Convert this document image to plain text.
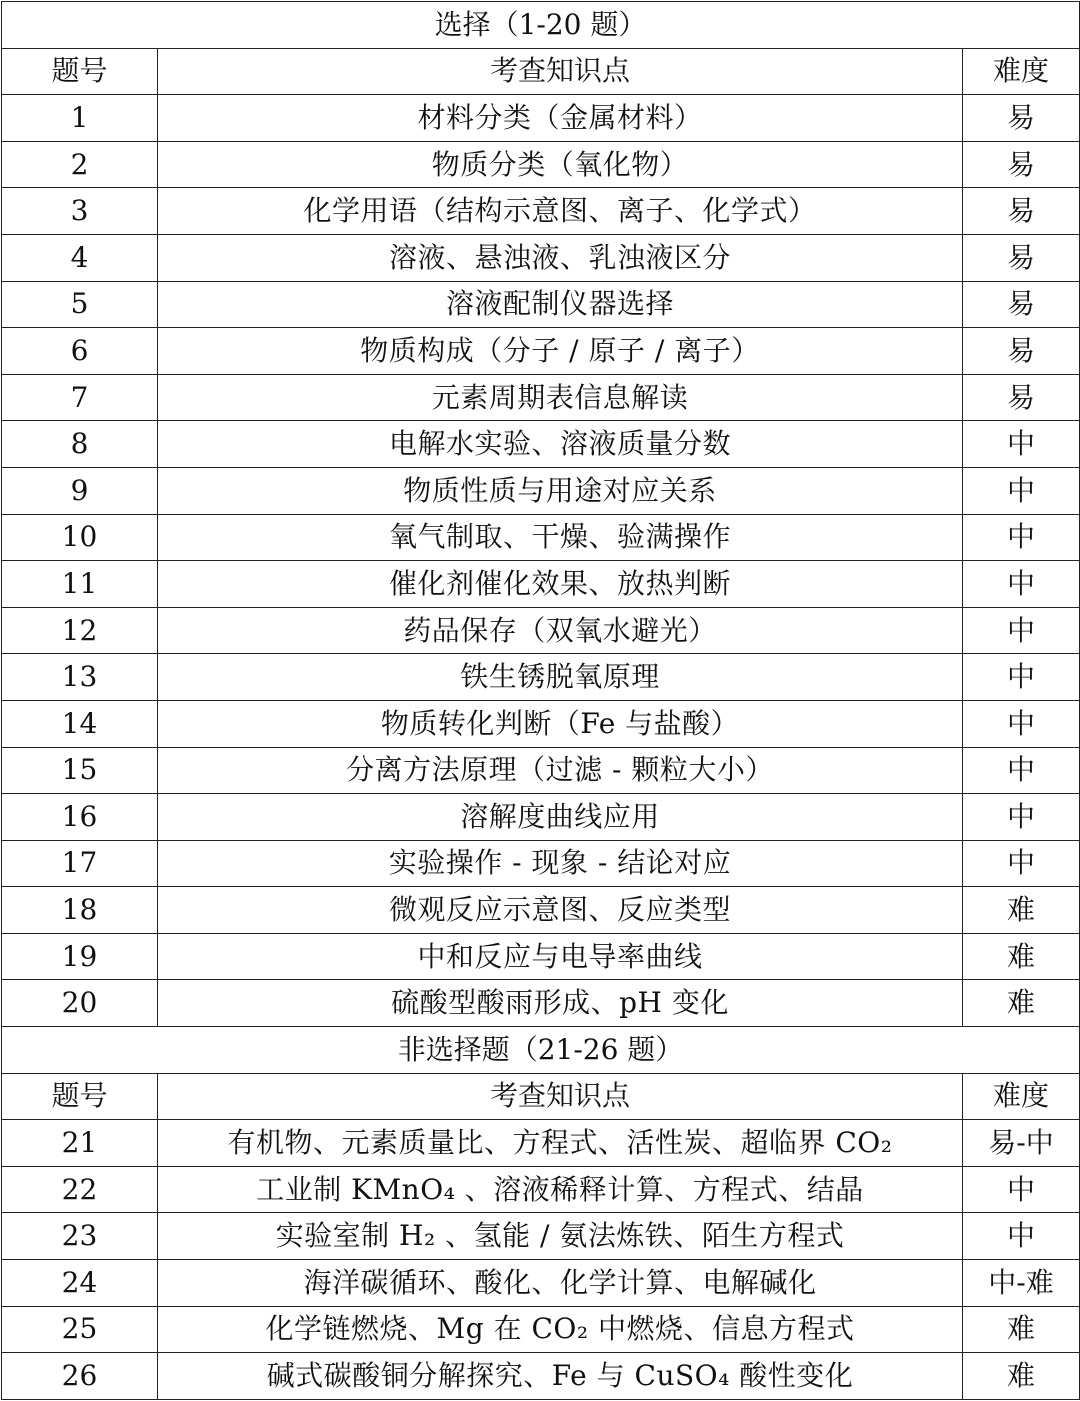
选择（1-20 题）		
题号	考查知识点	难度
1	材料分类（金属材料）	易
2	物质分类（氧化物）	易
3	化学用语（结构示意图、离子、化学式）	易
4	溶液、悬浊液、乳浊液区分	易
5	溶液配制仪器选择	易
6	物质构成（分子 / 原子 / 离子）	易
7	元素周期表信息解读	易
8	电解水实验、溶液质量分数	中
9	物质性质与用途对应关系	中
10	氧气制取、干燥、验满操作	中
11	催化剂催化效果、放热判断	中
12	药品保存（双氧水避光）	中
13	铁生锈脱氧原理	中
14	物质转化判断（Fe 与盐酸）	中
15	分离方法原理（过滤 - 颗粒大小）	中
16	溶解度曲线应用	中
17	实验操作 - 现象 - 结论对应	中
18	微观反应示意图、反应类型	难
19	中和反应与电导率曲线	难
20	硫酸型酸雨形成、pH 变化	难
非选择题（21-26 题）		
题号	考查知识点	难度
21	有机物、元素质量比、方程式、活性炭、超临界 CO₂	易-中
22	工业制 KMnO₄ 、溶液稀释计算、方程式、结晶	中
23	实验室制 H₂ 、氢能 / 氨法炼铁、陌生方程式	中
24	海洋碳循环、酸化、化学计算、电解碱化	中-难
25	化学链燃烧、Mg 在 CO₂ 中燃烧、信息方程式	难
26	碱式碳酸铜分解探究、Fe 与 CuSO₄ 酸性变化	难
